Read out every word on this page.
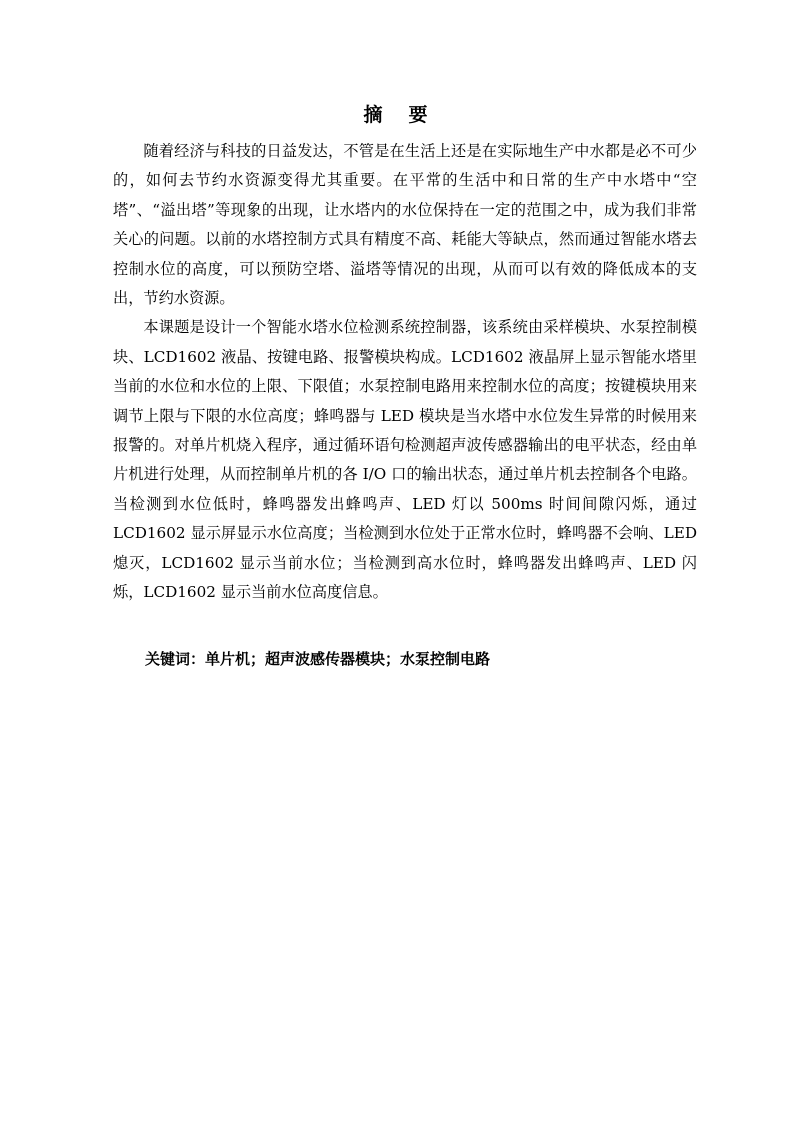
摘 要

随着经济与科技的日益发达，不管是在生活上还是在实际地生产中水都是必不可少的，如何去节约水资源变得尤其重要。在平常的生活中和日常的生产中水塔中“空塔”、“溢出塔”等现象的出现，让水塔内的水位保持在一定的范围之中，成为我们非常关心的问题。以前的水塔控制方式具有精度不高、耗能大等缺点，然而通过智能水塔去控制水位的高度，可以预防空塔、溢塔等情况的出现，从而可以有效的降低成本的支出，节约水资源。

本课题是设计一个智能水塔水位检测系统控制器，该系统由采样模块、水泵控制模块、LCD1602 液晶、按键电路、报警模块构成。LCD1602 液晶屏上显示智能水塔里当前的水位和水位的上限、下限值；水泵控制电路用来控制水位的高度；按键模块用来调节上限与下限的水位高度；蜂鸣器与 LED 模块是当水塔中水位发生异常的时候用来报警的。对单片机烧入程序，通过循环语句检测超声波传感器输出的电平状态，经由单片机进行处理，从而控制单片机的各 I/O 口的输出状态，通过单片机去控制各个电路。当检测到水位低时，蜂鸣器发出蜂鸣声、LED 灯以 500ms 时间间隙闪烁，通过 LCD1602 显示屏显示水位高度；当检测到水位处于正常水位时，蜂鸣器不会响、LED 熄灭，LCD1602 显示当前水位；当检测到高水位时，蜂鸣器发出蜂鸣声、LED 闪烁，LCD1602 显示当前水位高度信息。

关键词：单片机；超声波感传器模块；水泵控制电路
